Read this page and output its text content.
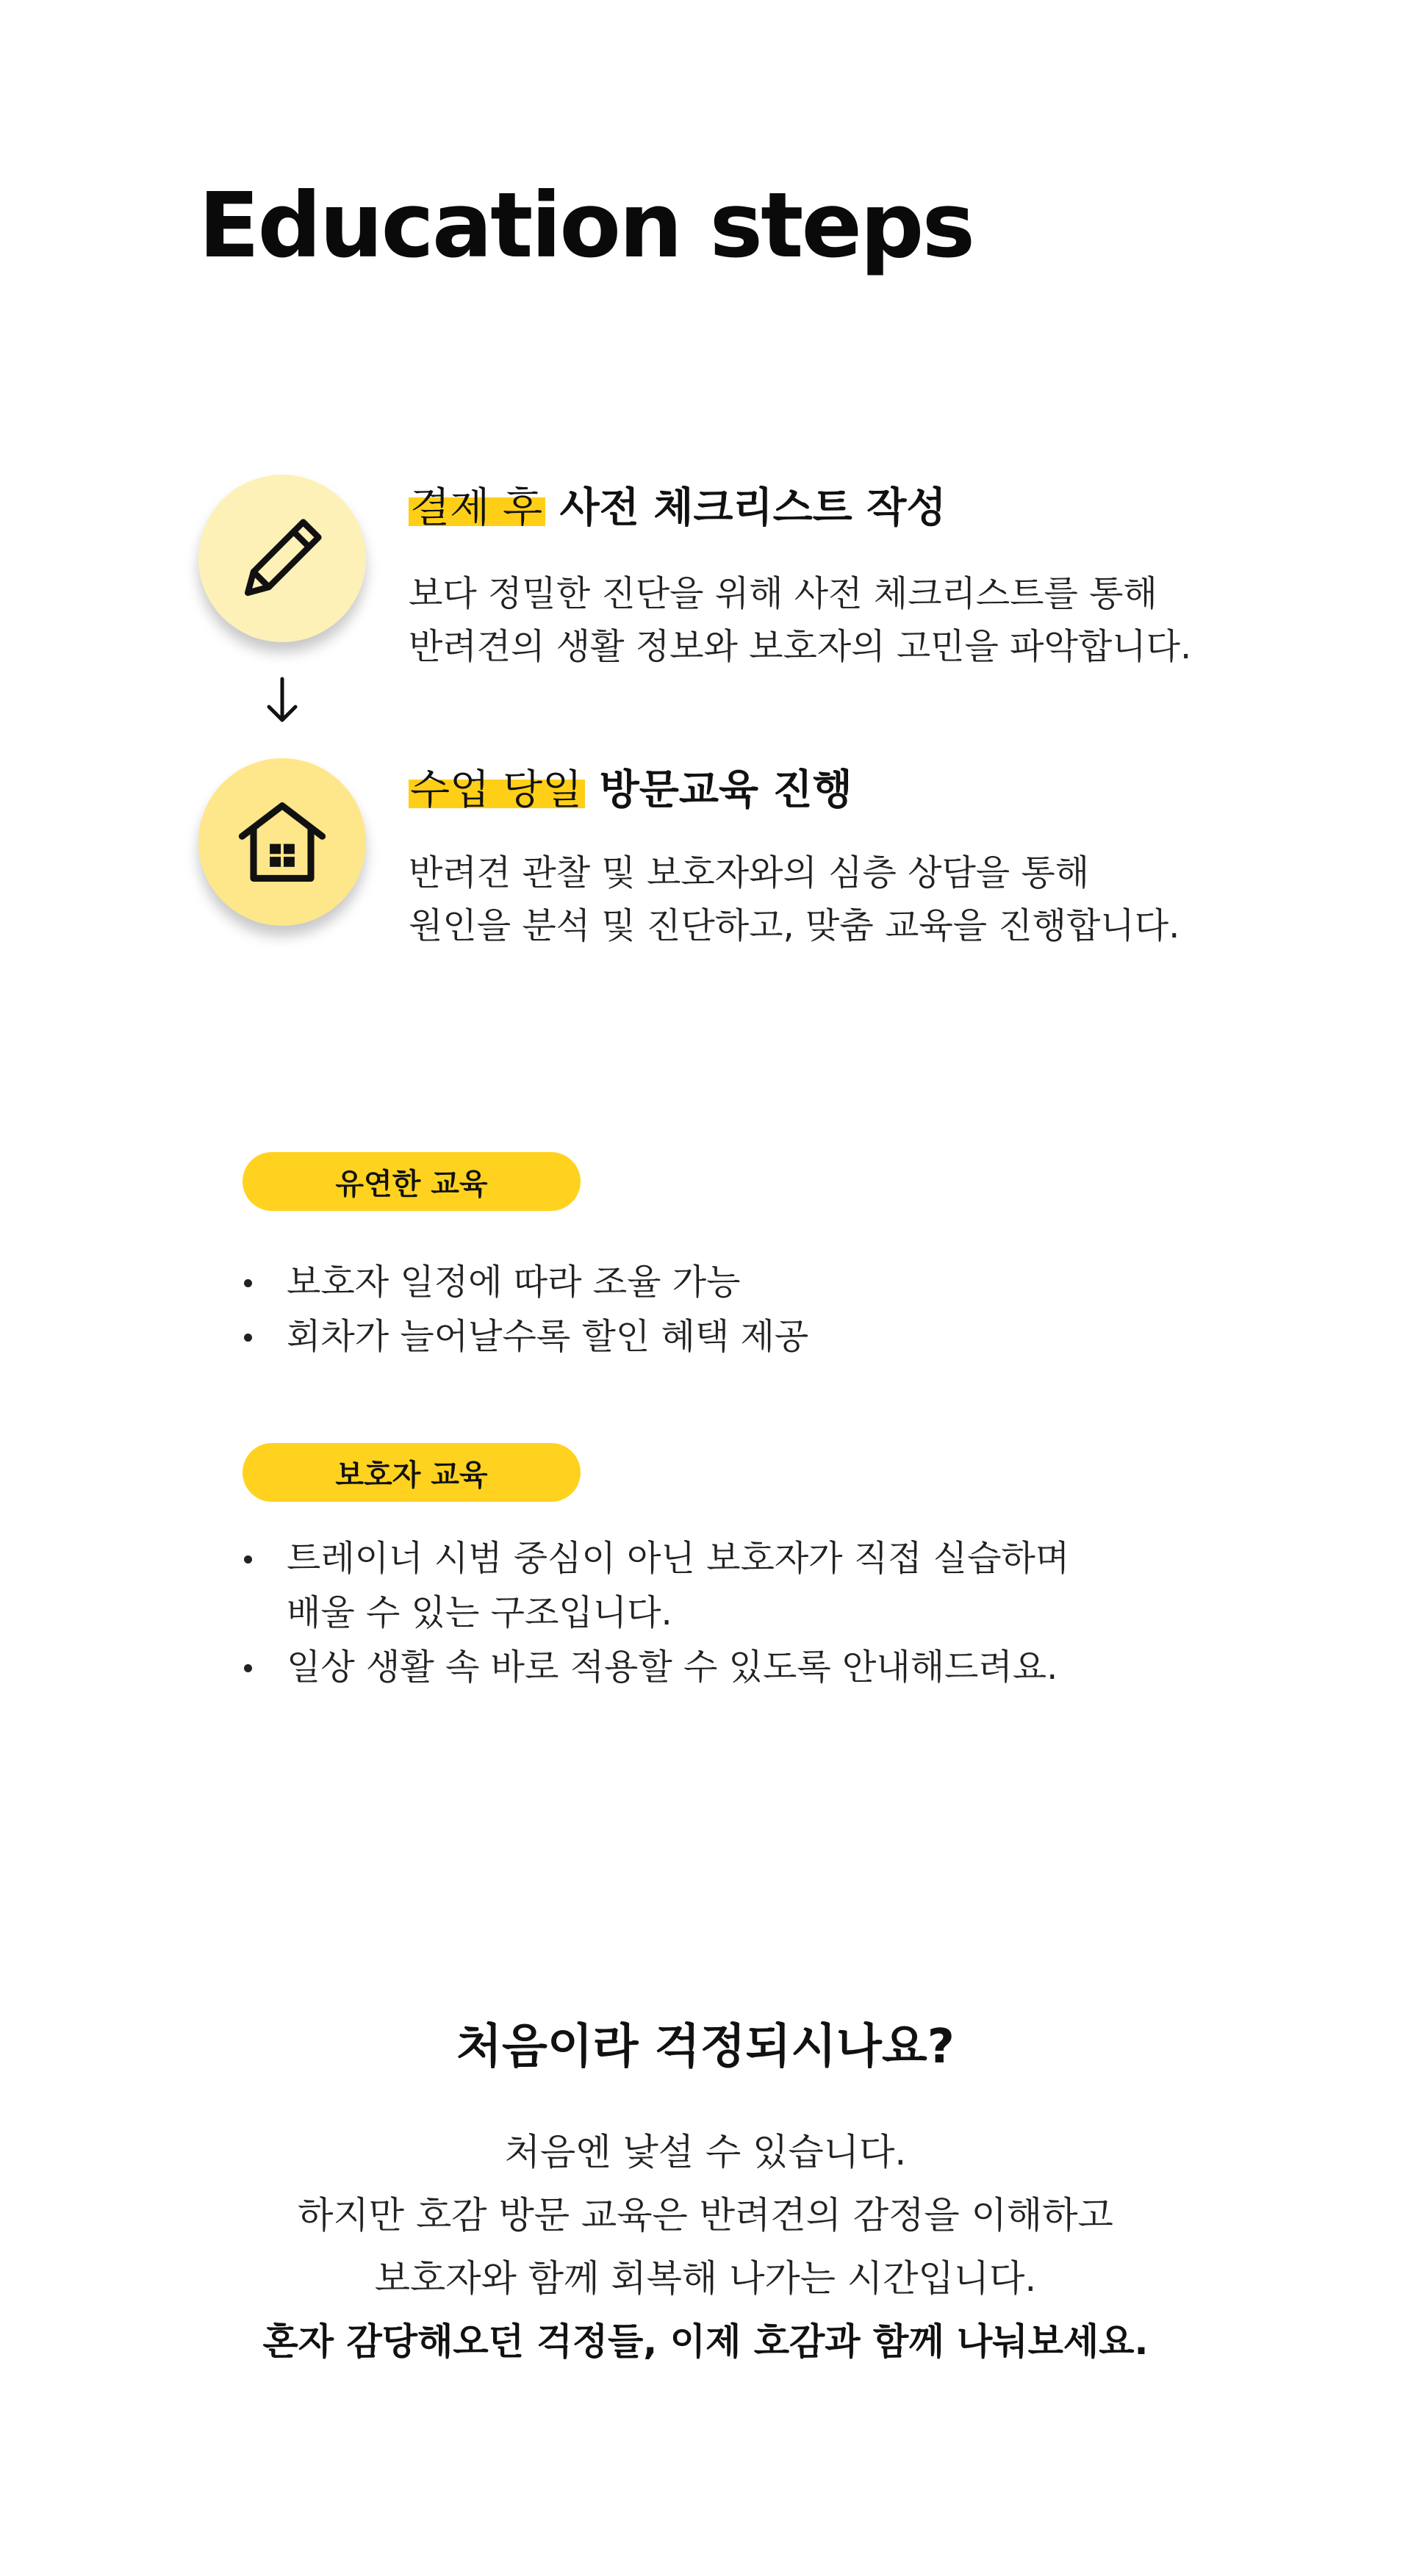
Education steps

결제 후 사전 체크리스트 작성

보다 정밀한 진단을 위해 사전 체크리스트를 통해
반려견의 생활 정보와 보호자의 고민을 파악합니다.

수업 당일 방문교육 진행

반려견 관찰 및 보호자와의 심층 상담을 통해
원인을 분석 및 진단하고, 맞춤 교육을 진행합니다.

유연한 교육
보호자 일정에 따라 조율 가능
회차가 늘어날수록 할인 혜택 제공
보호자 교육
트레이너 시범 중심이 아닌 보호자가 직접 실습하며
배울 수 있는 구조입니다.
일상 생활 속 바로 적용할 수 있도록 안내해드려요.
처음이라 걱정되시나요?

처음엔 낯설 수 있습니다.
하지만 호감 방문 교육은 반려견의 감정을 이해하고
보호자와 함께 회복해 나가는 시간입니다.
혼자 감당해오던 걱정들, 이제 호감과 함께 나눠보세요.
